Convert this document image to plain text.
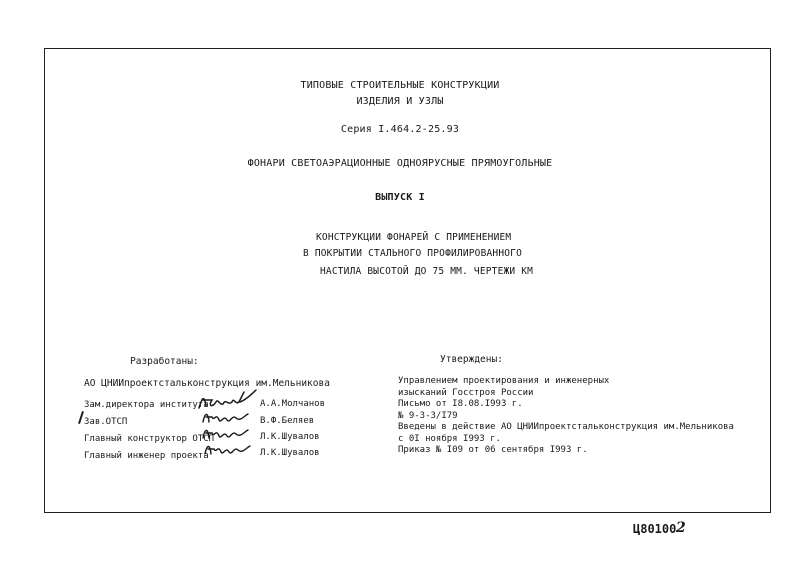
ТИПОВЫЕ СТРОИТЕЛЬНЫЕ КОНСТРУКЦИИ
ИЗДЕЛИЯ И УЗЛЫ
Серия I.464.2-25.93
ФОНАРИ СВЕТОАЭРАЦИОННЫЕ ОДНОЯРУСНЫЕ ПРЯМОУГОЛЬНЫЕ
ВЫПУСК I
КОНСТРУКЦИИ ФОНАРЕЙ С ПРИМЕНЕНИЕМ
В ПОКРЫТИИ СТАЛЬНОГО ПРОФИЛИРОВАННОГО
НАСТИЛА ВЫСОТОЙ ДО 75 ММ. ЧЕРТЕЖИ КМ
Разработаны:	Утверждены:
АО ЦНИИпроектстальконструкция им.Мельникова
Зам.директора института	А.А.Молчанов
Зав.ОТСП	В.Ф.Беляев
Главный конструктор ОТСП	Л.К.Шувалов
Главный инженер проекта	Л.К.Шувалов
Управлением проектирования и инженерных
изысканий Госстроя России
Письмо от I8.08.I993 г.
№ 9-3-3/I79
Введены в действие АО ЦНИИпроектстальконструкция им.Мельникова
с 0I ноября I993 г.
Приказ № I09 от 06 сентября I993 г.
Ц80100 2
